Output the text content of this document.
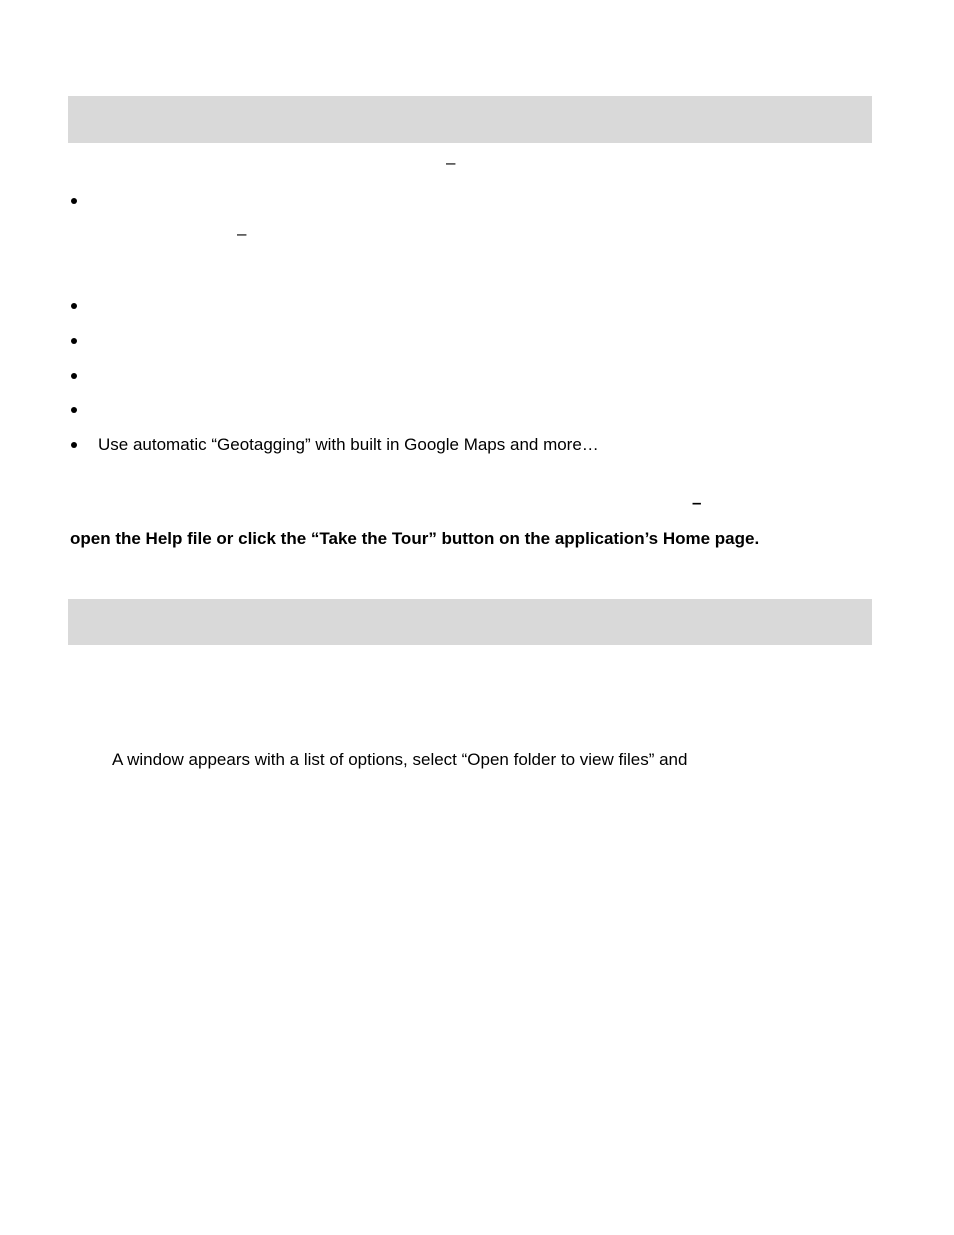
–
–
Use automatic “Geotagging” with built in Google Maps and more…
–
open the Help file or click the “Take the Tour” button on the application’s Home page.
A window appears with a list of options, select “Open folder to view files” and
